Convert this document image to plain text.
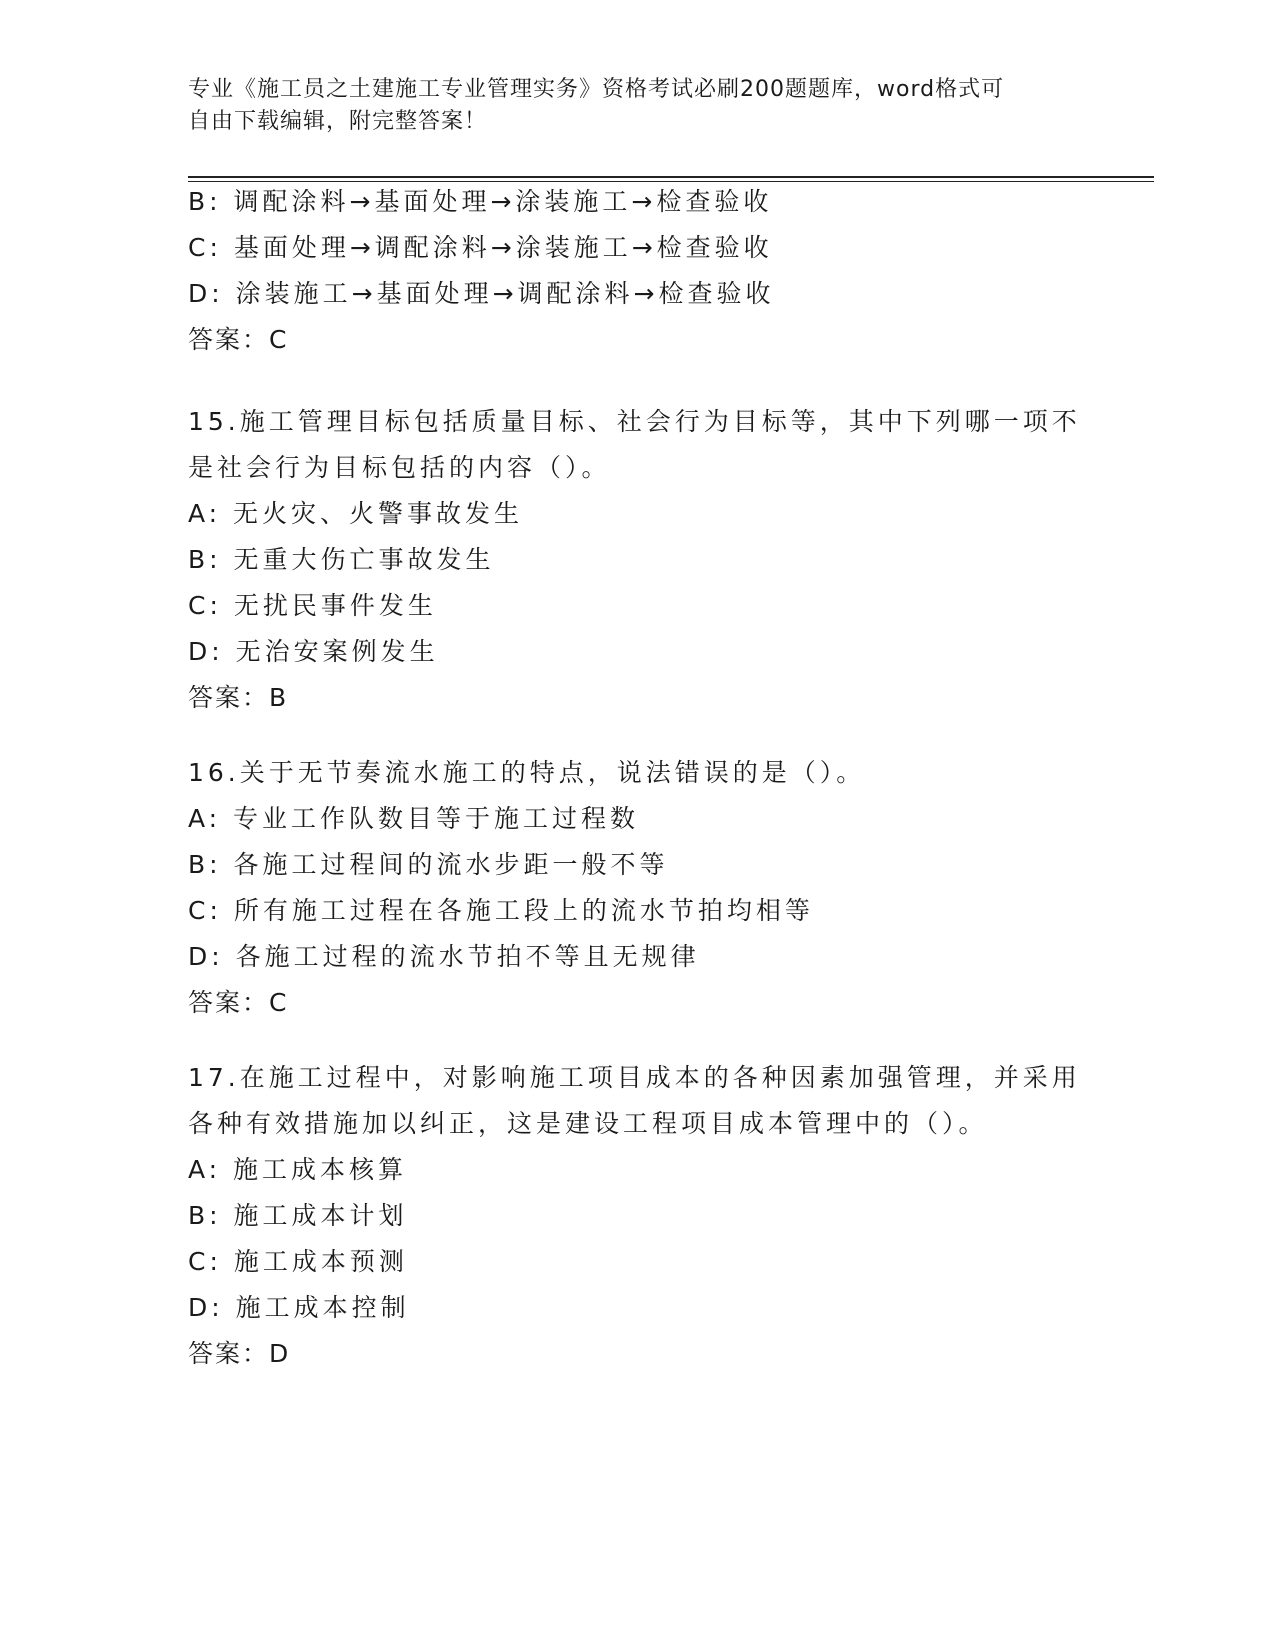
专业《施工员之土建施工专业管理实务》资格考试必刷200题题库，word格式可
自由下载编辑，附完整答案！
B: 调配涂料→基面处理→涂装施工→检查验收
C: 基面处理→调配涂料→涂装施工→检查验收
D: 涂装施工→基面处理→调配涂料→检查验收
答案：C
15.施工管理目标包括质量目标、社会行为目标等，其中下列哪一项不
是社会行为目标包括的内容（）。
A: 无火灾、火警事故发生
B: 无重大伤亡事故发生
C: 无扰民事件发生
D: 无治安案例发生
答案：B
16.关于无节奏流水施工的特点，说法错误的是（）。
A: 专业工作队数目等于施工过程数
B: 各施工过程间的流水步距一般不等
C: 所有施工过程在各施工段上的流水节拍均相等
D: 各施工过程的流水节拍不等且无规律
答案：C
17.在施工过程中，对影响施工项目成本的各种因素加强管理，并采用
各种有效措施加以纠正，这是建设工程项目成本管理中的（）。
A: 施工成本核算
B: 施工成本计划
C: 施工成本预测
D: 施工成本控制
答案：D
